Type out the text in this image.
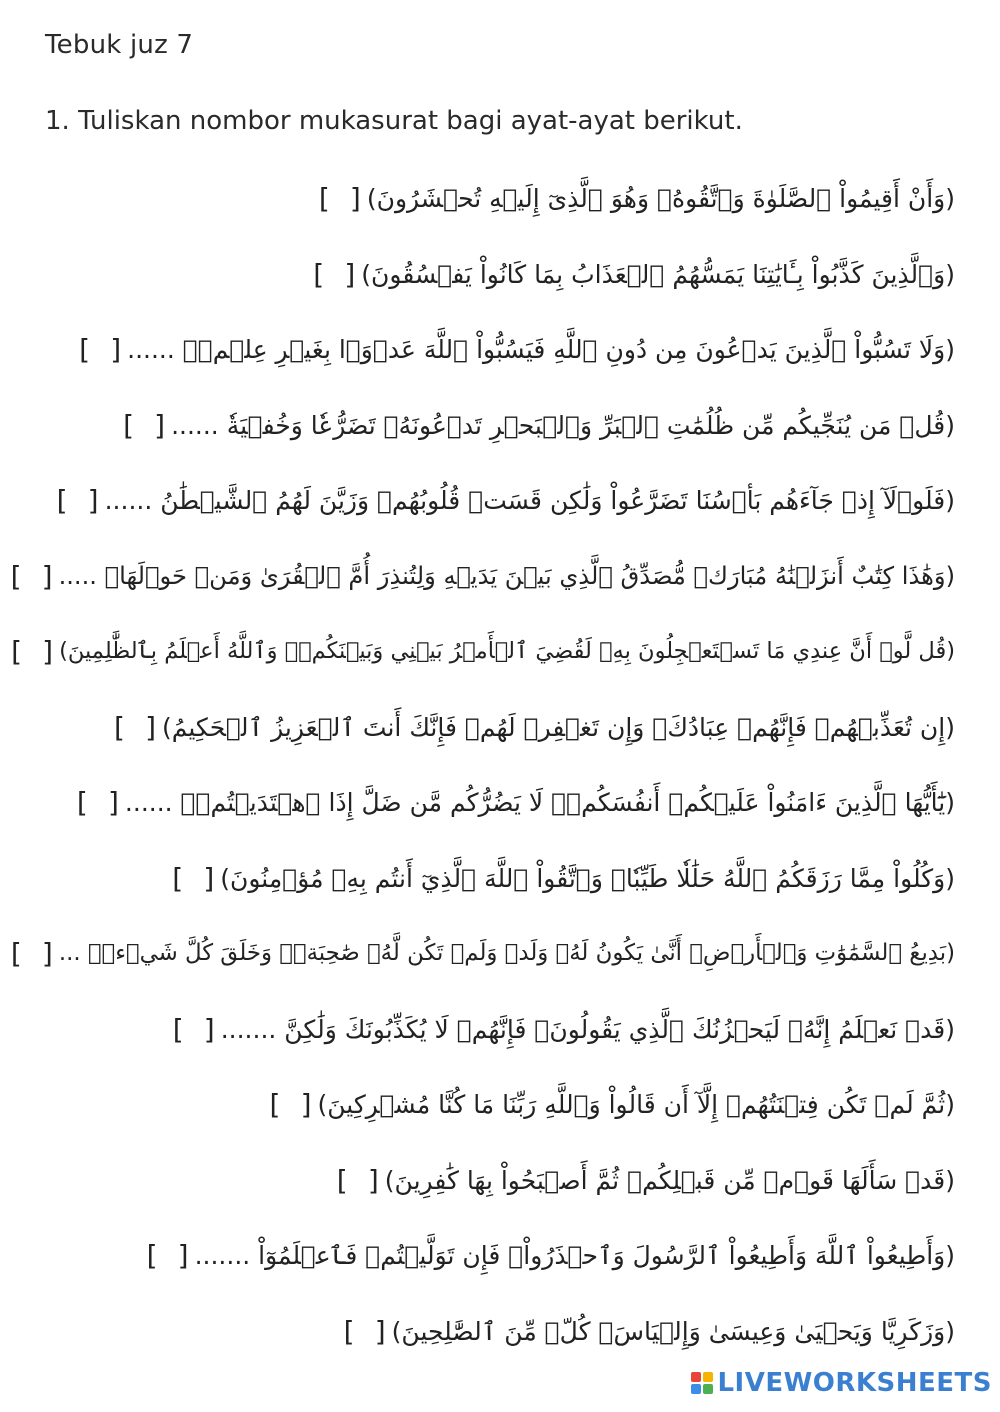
Tebuk juz 7
1. Tuliskan nombor mukasurat bagi ayat-ayat berikut.
[ ] (وَأَنْ أَقِيمُواْ ٱلصَّلَوٰةَ وَٱتَّقُوهُۚ وَهُوَ ٱلَّذِىٓ إِلَيۡهِ تُحۡشَرُونَ)
[ ] (وَٱلَّذِينَ كَذَّبُواْ بِـَٔايَٰتِنَا يَمَسُّهُمُ ٱلۡعَذَابُ بِمَا كَانُواْ يَفۡسُقُونَ)
[ ] (وَلَا تَسُبُّواْ ٱلَّذِينَ يَدۡعُونَ مِن دُونِ ٱللَّهِ فَيَسُبُّواْ ٱللَّهَ عَدۡوَۢا بِغَيۡرِ عِلۡمٖۗ ......
[ ] (قُلۡ مَن يُنَجِّيكُم مِّن ظُلُمَٰتِ ٱلۡبَرِّ وَٱلۡبَحۡرِ تَدۡعُونَهُۥ تَضَرُّعٗا وَخُفۡيَةٗ ......
[ ] (فَلَوۡلَآ إِذۡ جَآءَهُم بَأۡسُنَا تَضَرَّعُواْ وَلَٰكِن قَسَتۡ قُلُوبُهُمۡ وَزَيَّنَ لَهُمُ ٱلشَّيۡطَٰنُ ......
[ ] (وَهَٰذَا كِتَٰبٌ أَنزَلۡنَٰهُ مُبَارَكٞ مُّصَدِّقُ ٱلَّذِي بَيۡنَ يَدَيۡهِ وَلِتُنذِرَ أُمَّ ٱلۡقُرَىٰ وَمَنۡ حَوۡلَهَاۚ .....
[ ] (قُل لَّوۡ أَنَّ عِندِي مَا تَسۡتَعۡجِلُونَ بِهِۦ لَقُضِيَ ٱلۡأَمۡرُ بَيۡنِي وَبَيۡنَكُمۡۗ وَٱللَّهُ أَعۡلَمُ بِٱلظَّٰلِمِينَ)
[ ] (إِن تُعَذِّبۡهُمۡ فَإِنَّهُمۡ عِبَادُكَۖ وَإِن تَغۡفِرۡ لَهُمۡ فَإِنَّكَ أَنتَ ٱلۡعَزِيزُ ٱلۡحَكِيمُ)
[ ] (يَٰٓأَيُّهَا ٱلَّذِينَ ءَامَنُواْ عَلَيۡكُمۡ أَنفُسَكُمۡۖ لَا يَضُرُّكُم مَّن ضَلَّ إِذَا ٱهۡتَدَيۡتُمۡۚ ......
[ ] (وَكُلُواْ مِمَّا رَزَقَكُمُ ٱللَّهُ حَلَٰلٗا طَيِّبٗاۚ وَٱتَّقُواْ ٱللَّهَ ٱلَّذِيٓ أَنتُم بِهِۦ مُؤۡمِنُونَ)
[ ] (بَدِيعُ ٱلسَّمَٰوَٰتِ وَٱلۡأَرۡضِۖ أَنَّىٰ يَكُونُ لَهُۥ وَلَدٞ وَلَمۡ تَكُن لَّهُۥ صَٰحِبَةٞۖ وَخَلَقَ كُلَّ شَيۡءٖۖ ...
[ ] (قَدۡ نَعۡلَمُ إِنَّهُۥ لَيَحۡزُنُكَ ٱلَّذِي يَقُولُونَۖ فَإِنَّهُمۡ لَا يُكَذِّبُونَكَ وَلَٰكِنَّ .......
[ ] (ثُمَّ لَمۡ تَكُن فِتۡنَتُهُمۡ إِلَّآ أَن قَالُواْ وَٱللَّهِ رَبِّنَا مَا كُنَّا مُشۡرِكِينَ)
[ ] (قَدۡ سَأَلَهَا قَوۡمٞ مِّن قَبۡلِكُمۡ ثُمَّ أَصۡبَحُواْ بِهَا كَٰفِرِينَ)
[ ] (وَأَطِيعُواْ ٱللَّهَ وَأَطِيعُواْ ٱلرَّسُولَ وَٱحۡذَرُواْۚ فَإِن تَوَلَّيۡتُمۡ فَٱعۡلَمُوٓاْ .......
[ ] (وَزَكَرِيَّا وَيَحۡيَىٰ وَعِيسَىٰ وَإِلۡيَاسَۖ كُلّٞ مِّنَ ٱلصَّٰلِحِينَ)
LIVEWORKSHEETS
